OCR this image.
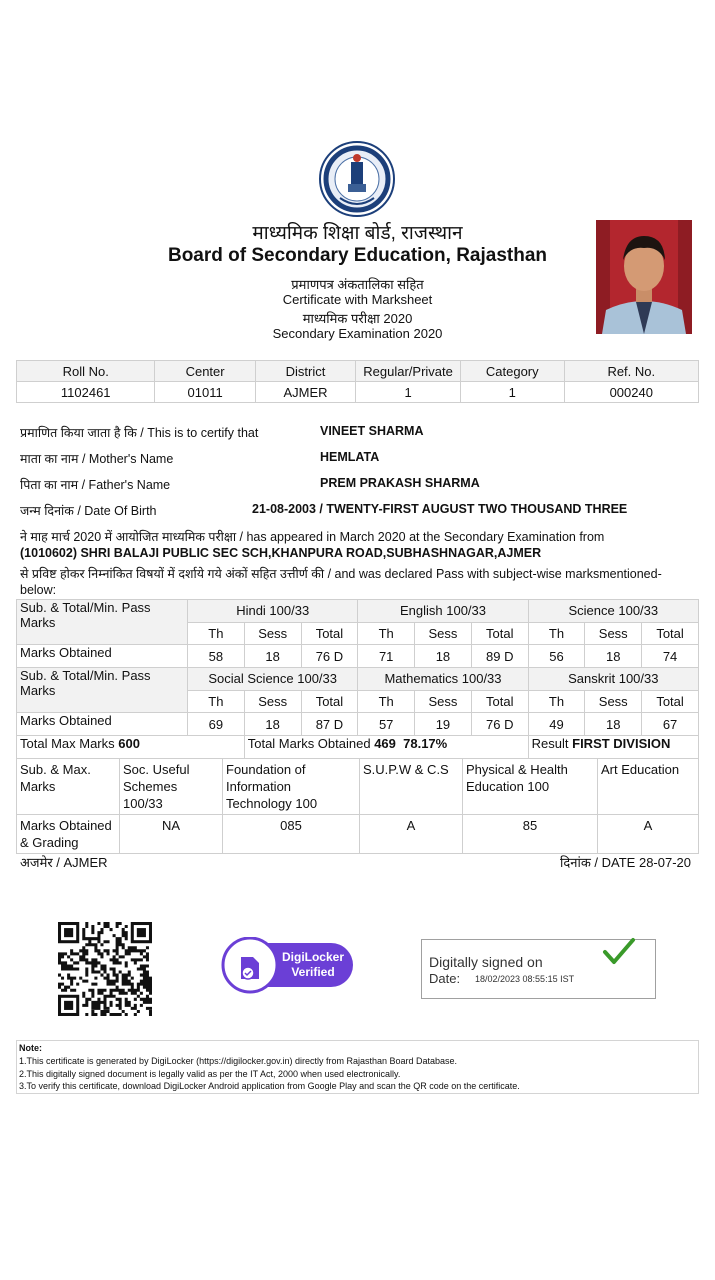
माध्यमिक शिक्षा बोर्ड, राजस्थान
Board of Secondary Education, Rajasthan
प्रमाणपत्र अंकतालिका सहित
Certificate with Marksheet
माध्यमिक परीक्षा 2020
Secondary Examination 2020
Roll No.	Center	District	Regular/Private	Category	Ref. No.
1102461	01011	AJMER	1	1	000240
प्रमाणित किया जाता है कि / This is to certify that	VINEET SHARMA
माता का नाम / Mother's Name	HEMLATA
पिता का नाम / Father's Name	PREM PRAKASH SHARMA
जन्म दिनांक / Date Of Birth	21-08-2003 / TWENTY-FIRST AUGUST TWO THOUSAND THREE
ने माह मार्च 2020 में आयोजित माध्यमिक परीक्षा / has appeared in March 2020 at the Secondary Examination from
(1010602) SHRI BALAJI PUBLIC SEC SCH,KHANPURA ROAD,SUBHASHNAGAR,AJMER
से प्रविष्ट होकर निम्नांकित विषयों में दर्शाये गये अंकों सहित उत्तीर्ण की / and was declared Pass with subject-wise marksmentioned-below:
Sub. & Total/Min. Pass Marks	Hindi 100/33			English 100/33			Science 100/33		
	Th	Sess	Total	Th	Sess	Total	Th	Sess	Total
Marks Obtained	58	18	76 D	71	18	89 D	56	18	74
Sub. & Total/Min. Pass Marks	Social Science 100/33			Mathematics 100/33			Sanskrit 100/33		
	Th	Sess	Total	Th	Sess	Total	Th	Sess	Total
Marks Obtained	69	18	87 D	57	19	76 D	49	18	67
Total Max Marks 600		Total Marks Obtained 469  78.17%					Result FIRST DIVISION		
Sub. & Max. Marks	Soc. Useful Schemes 100/33	Foundation of Information Technology 100	S.U.P.W & C.S	Physical & Health Education 100	Art Education
Marks Obtained & Grading	NA	085	A	85	A
अजमेर / AJMER	दिनांक / DATE 28-07-20
DigiLocker
Verified
Digitally signed on
Date: 18/02/2023 08:55:15 IST
Note:
1.This certificate is generated by DigiLocker (https://digilocker.gov.in) directly from Rajasthan Board Database.
2.This digitally signed document is legally valid as per the IT Act, 2000 when used electronically.
3.To verify this certificate, download DigiLocker Android application from Google Play and scan the QR code on the certificate.
